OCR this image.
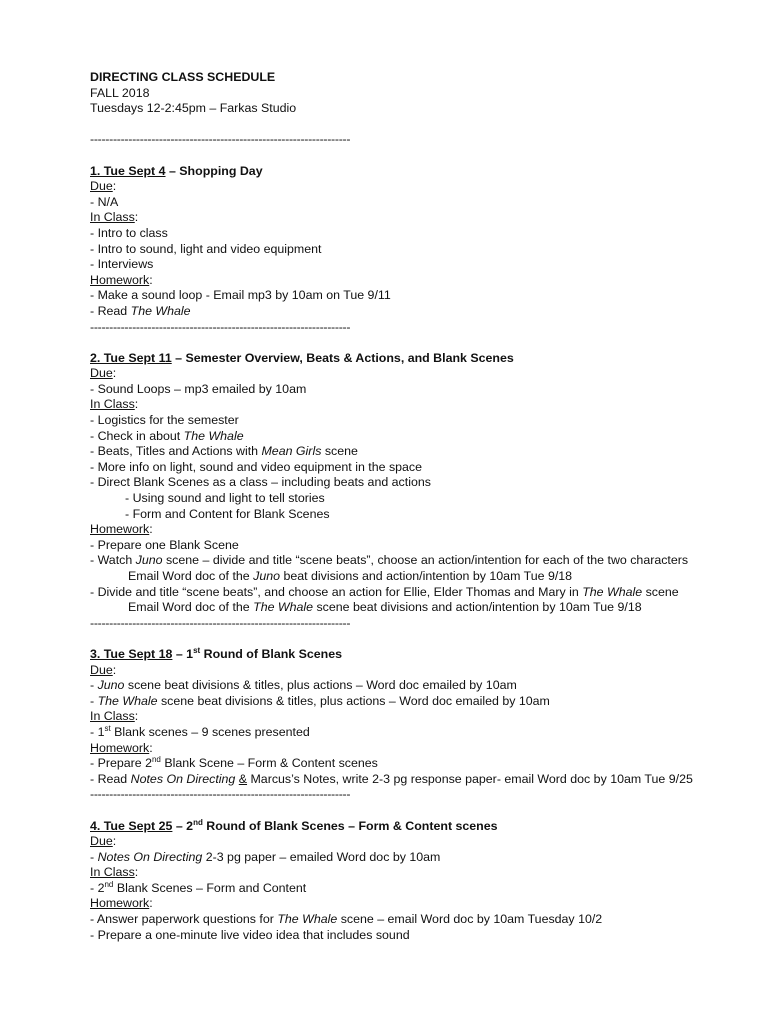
DIRECTING CLASS SCHEDULE
FALL 2018
Tuesdays 12-2:45pm – Farkas Studio
--------------------------------------------------------------------
1. Tue Sept 4 – Shopping Day
Due:
- N/A
In Class:
- Intro to class
- Intro to sound, light and video equipment
- Interviews
Homework:
- Make a sound loop - Email mp3 by 10am on Tue 9/11
- Read The Whale
--------------------------------------------------------------------
2. Tue Sept 11 – Semester Overview, Beats & Actions, and Blank Scenes
Due:
- Sound Loops – mp3 emailed by 10am
In Class:
- Logistics for the semester
- Check in about The Whale
- Beats, Titles and Actions with Mean Girls scene
- More info on light, sound and video equipment in the space
- Direct Blank Scenes as a class – including beats and actions
- Using sound and light to tell stories
- Form and Content for Blank Scenes
Homework:
- Prepare one Blank Scene
- Watch Juno scene – divide and title “scene beats”, choose an action/intention for each of the two characters
Email Word doc of the Juno beat divisions and action/intention by 10am Tue 9/18
- Divide and title “scene beats”, and choose an action for Ellie, Elder Thomas and Mary in The Whale scene
Email Word doc of the The Whale scene beat divisions and action/intention by 10am Tue 9/18
--------------------------------------------------------------------
3. Tue Sept 18 – 1st Round of Blank Scenes
Due:
- Juno scene beat divisions & titles, plus actions – Word doc emailed by 10am
- The Whale scene beat divisions & titles, plus actions – Word doc emailed by 10am
In Class:
- 1st Blank scenes – 9 scenes presented
Homework:
- Prepare 2nd Blank Scene – Form & Content scenes
- Read Notes On Directing & Marcus’s Notes, write 2-3 pg response paper- email Word doc by 10am Tue 9/25
--------------------------------------------------------------------
4. Tue Sept 25 – 2nd Round of Blank Scenes – Form & Content scenes
Due:
- Notes On Directing 2-3 pg paper – emailed Word doc by 10am
In Class:
- 2nd Blank Scenes – Form and Content
Homework:
- Answer paperwork questions for The Whale scene – email Word doc by 10am Tuesday 10/2
- Prepare a one-minute live video idea that includes sound
